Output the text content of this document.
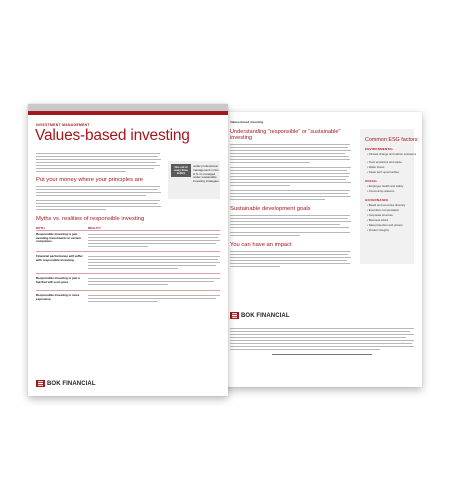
Values-based investing
Understanding “responsible” or “sustainable” investing
Sustainable development goals
You can have an impact
Common ESG factors:
ENVIRONMENTAL
• Climate change and carbon emissions
• Toxic emissions and waste
• Water stress
• Clean tech opportunities
SOCIAL
• Employee health and safety
• Community relations
GOVERNANCE
• Board and executive diversity
• Executive compensation
• Corporate structure
• Business ethics
• Data protection and privacy
• Product integrity
BOK FINANCIAL
INVESTMENT MANAGEMENT
Values-based investing
One out of every three dollars
under professional management in the U.S. is managed under sustainable investing strategies.
Put your money where your principles are
Myths vs. realities of responsible investing
MYTH	REALITY
Responsible investing is just avoiding investments in certain companies.
Financial performance will suffer with responsible investing.
Responsible investing is just a fad that will soon pass.
Responsible investing is more expensive.
BOK FINANCIAL
